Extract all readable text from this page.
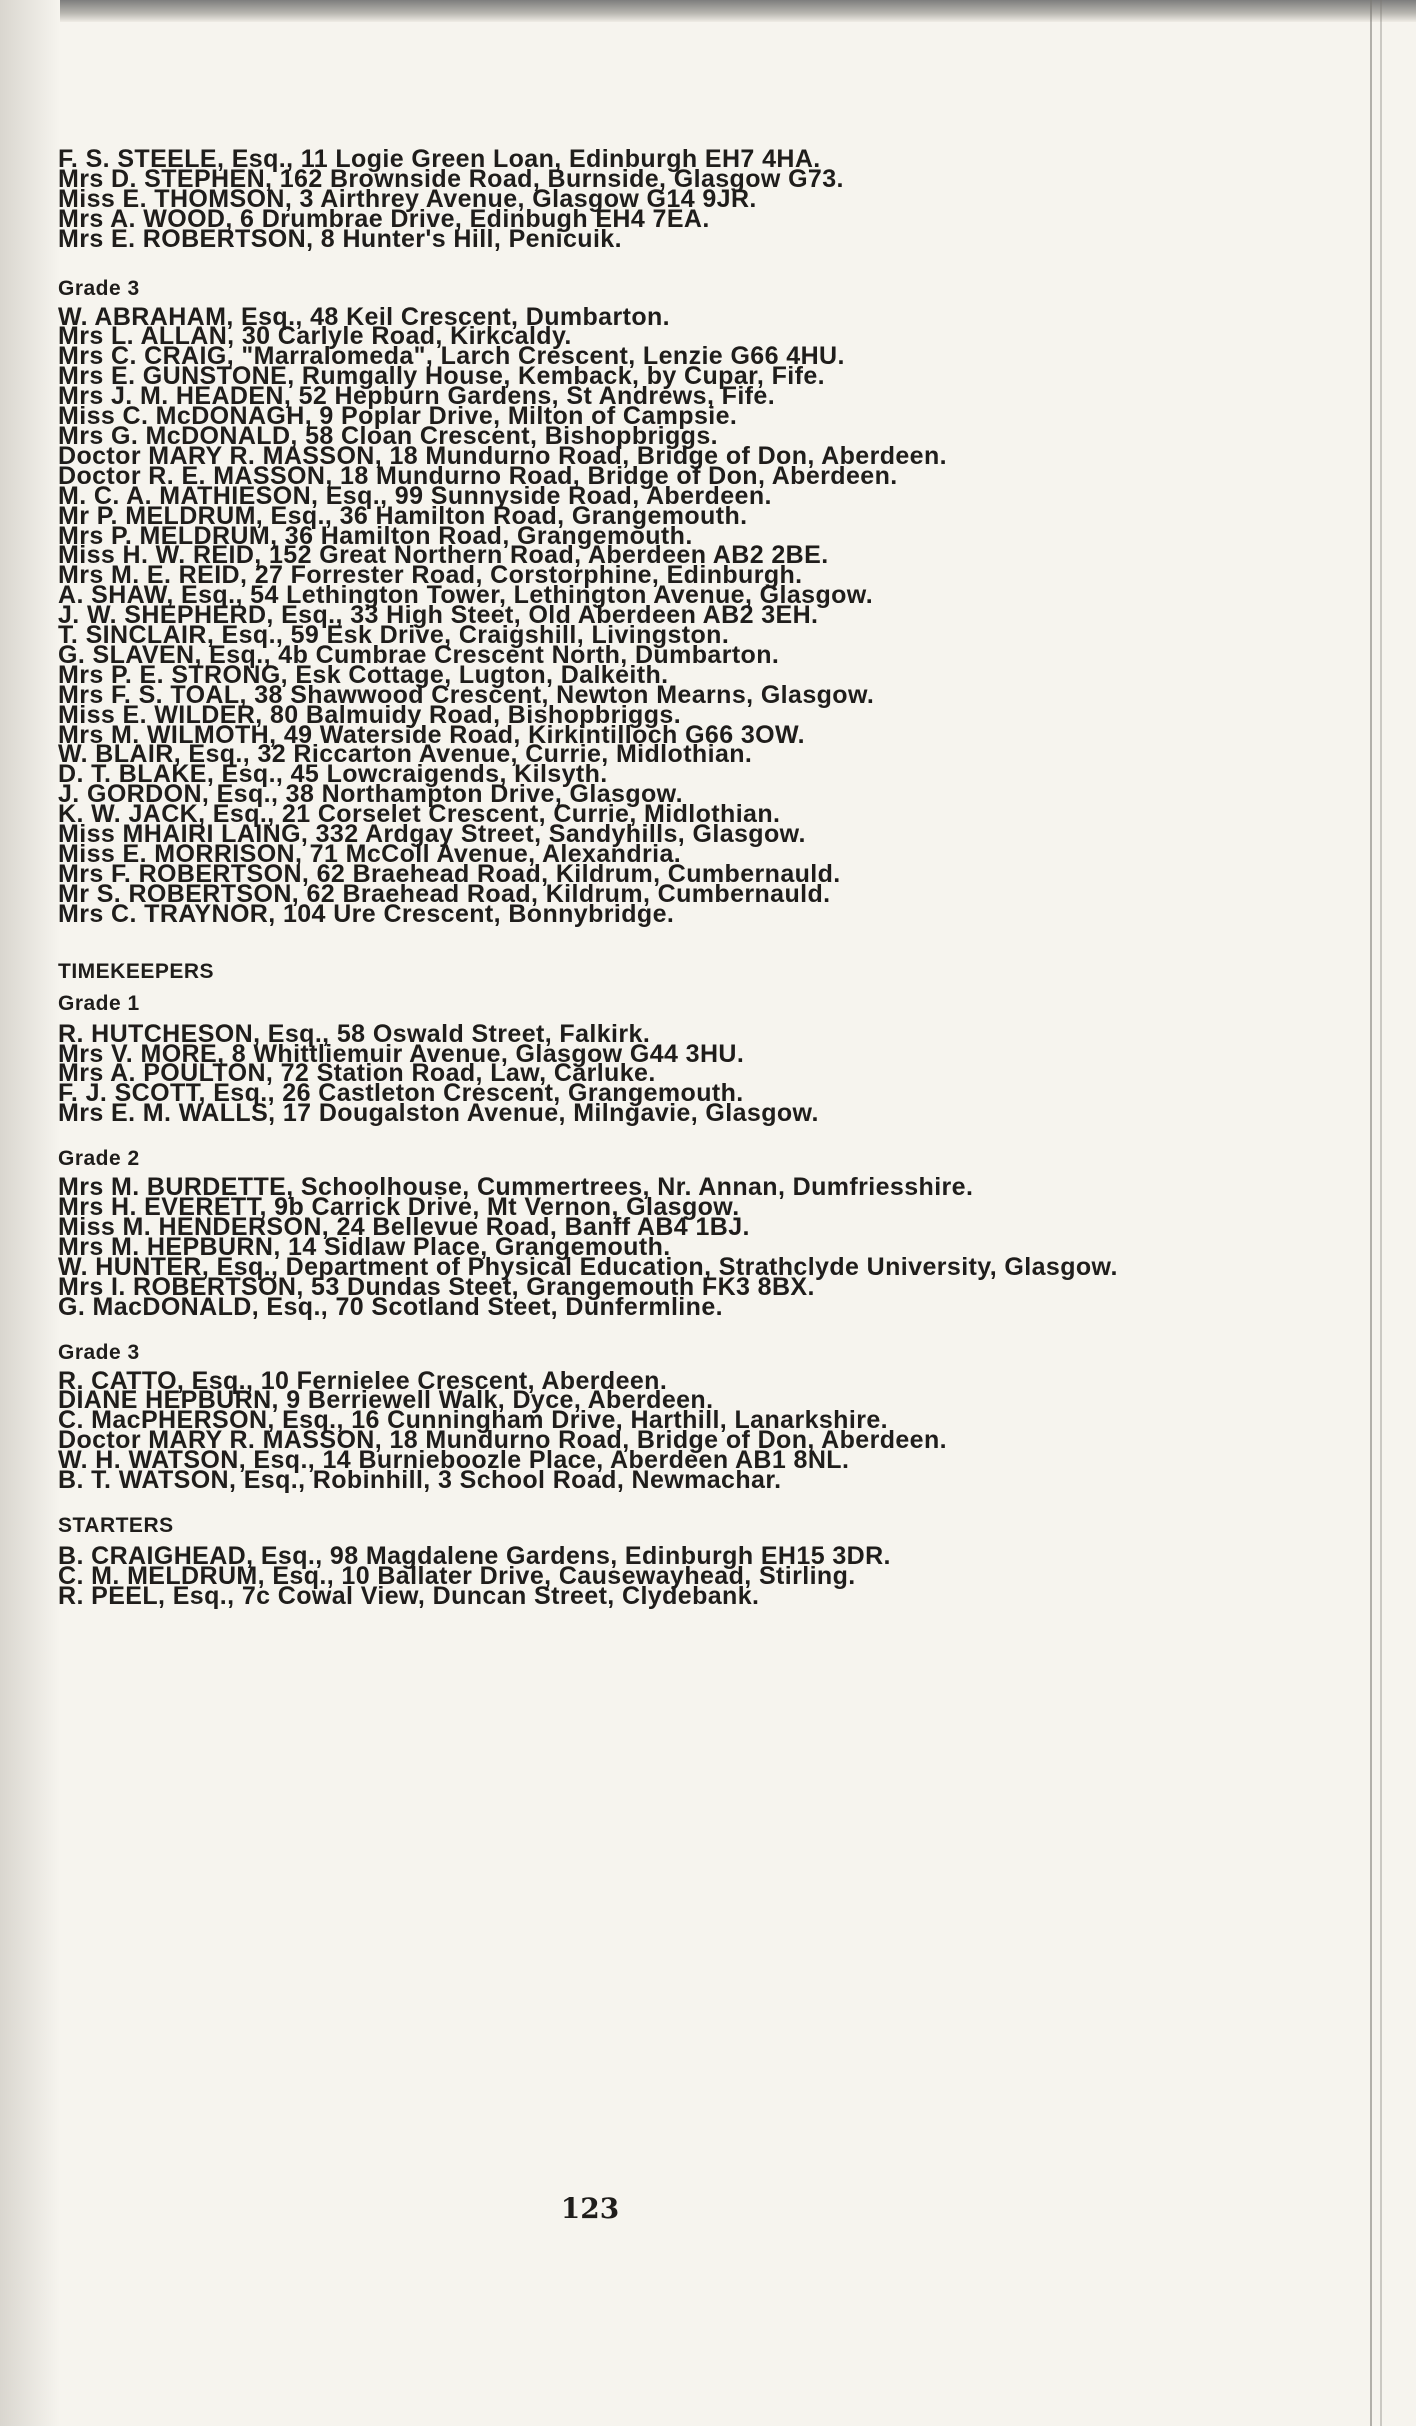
F. S. STEELE, Esq., 11 Logie Green Loan, Edinburgh EH7 4HA.
Mrs D. STEPHEN, 162 Brownside Road, Burnside, Glasgow G73.
Miss E. THOMSON, 3 Airthrey Avenue, Glasgow G14 9JR.
Mrs A. WOOD, 6 Drumbrae Drive, Edinbugh EH4 7EA.
Mrs E. ROBERTSON, 8 Hunter's Hill, Penicuik.
Grade 3
W. ABRAHAM, Esq., 48 Keil Crescent, Dumbarton.
Mrs L. ALLAN, 30 Carlyle Road, Kirkcaldy.
Mrs C. CRAIG, "Marralomeda", Larch Crescent, Lenzie G66 4HU.
Mrs E. GUNSTONE, Rumgally House, Kemback, by Cupar, Fife.
Mrs J. M. HEADEN, 52 Hepburn Gardens, St Andrews, Fife.
Miss C. McDONAGH, 9 Poplar Drive, Milton of Campsie.
Mrs G. McDONALD, 58 Cloan Crescent, Bishopbriggs.
Doctor MARY R. MASSON, 18 Mundurno Road, Bridge of Don, Aberdeen.
Doctor R. E. MASSON, 18 Mundurno Road, Bridge of Don, Aberdeen.
M. C. A. MATHIESON, Esq., 99 Sunnyside Road, Aberdeen.
Mr P. MELDRUM, Esq., 36 Hamilton Road, Grangemouth.
Mrs P. MELDRUM, 36 Hamilton Road, Grangemouth.
Miss H. W. REID, 152 Great Northern Road, Aberdeen AB2 2BE.
Mrs M. E. REID, 27 Forrester Road, Corstorphine, Edinburgh.
A. SHAW, Esq., 54 Lethington Tower, Lethington Avenue, Glasgow.
J. W. SHEPHERD, Esq., 33 High Steet, Old Aberdeen AB2 3EH.
T. SINCLAIR, Esq., 59 Esk Drive, Craigshill, Livingston.
G. SLAVEN, Esq., 4b Cumbrae Crescent North, Dumbarton.
Mrs P. E. STRONG, Esk Cottage, Lugton, Dalkeith.
Mrs F. S. TOAL, 38 Shawwood Crescent, Newton Mearns, Glasgow.
Miss E. WILDER, 80 Balmuidy Road, Bishopbriggs.
Mrs M. WILMOTH, 49 Waterside Road, Kirkintilloch G66 3OW.
W. BLAIR, Esq., 32 Riccarton Avenue, Currie, Midlothian.
D. T. BLAKE, Esq., 45 Lowcraigends, Kilsyth.
J. GORDON, Esq., 38 Northampton Drive, Glasgow.
K. W. JACK, Esq., 21 Corselet Crescent, Currie, Midlothian.
Miss MHAIRI LAING, 332 Ardgay Street, Sandyhills, Glasgow.
Miss E. MORRISON, 71 McColl Avenue, Alexandria.
Mrs F. ROBERTSON, 62 Braehead Road, Kildrum, Cumbernauld.
Mr S. ROBERTSON, 62 Braehead Road, Kildrum, Cumbernauld.
Mrs C. TRAYNOR, 104 Ure Crescent, Bonnybridge.
TIMEKEEPERS
Grade 1
R. HUTCHESON, Esq., 58 Oswald Street, Falkirk.
Mrs V. MORE, 8 Whittliemuir Avenue, Glasgow G44 3HU.
Mrs A. POULTON, 72 Station Road, Law, Carluke.
F. J. SCOTT, Esq., 26 Castleton Crescent, Grangemouth.
Mrs E. M. WALLS, 17 Dougalston Avenue, Milngavie, Glasgow.
Grade 2
Mrs M. BURDETTE, Schoolhouse, Cummertrees, Nr. Annan, Dumfriesshire.
Mrs H. EVERETT, 9b Carrick Drive, Mt Vernon, Glasgow.
Miss M. HENDERSON, 24 Bellevue Road, Banff AB4 1BJ.
Mrs M. HEPBURN, 14 Sidlaw Place, Grangemouth.
W. HUNTER, Esq., Department of Physical Education, Strathclyde University, Glasgow.
Mrs I. ROBERTSON, 53 Dundas Steet, Grangemouth FK3 8BX.
G. MacDONALD, Esq., 70 Scotland Steet, Dunfermline.
Grade 3
R. CATTO, Esq., 10 Fernielee Crescent, Aberdeen.
DIANE HEPBURN, 9 Berriewell Walk, Dyce, Aberdeen.
C. MacPHERSON, Esq., 16 Cunningham Drive, Harthill, Lanarkshire.
Doctor MARY R. MASSON, 18 Mundurno Road, Bridge of Don, Aberdeen.
W. H. WATSON, Esq., 14 Burnieboozle Place, Aberdeen AB1 8NL.
B. T. WATSON, Esq., Robinhill, 3 School Road, Newmachar.
STARTERS
B. CRAIGHEAD, Esq., 98 Magdalene Gardens, Edinburgh EH15 3DR.
C. M. MELDRUM, Esq., 10 Ballater Drive, Causewayhead, Stirling.
R. PEEL, Esq., 7c Cowal View, Duncan Street, Clydebank.
123
